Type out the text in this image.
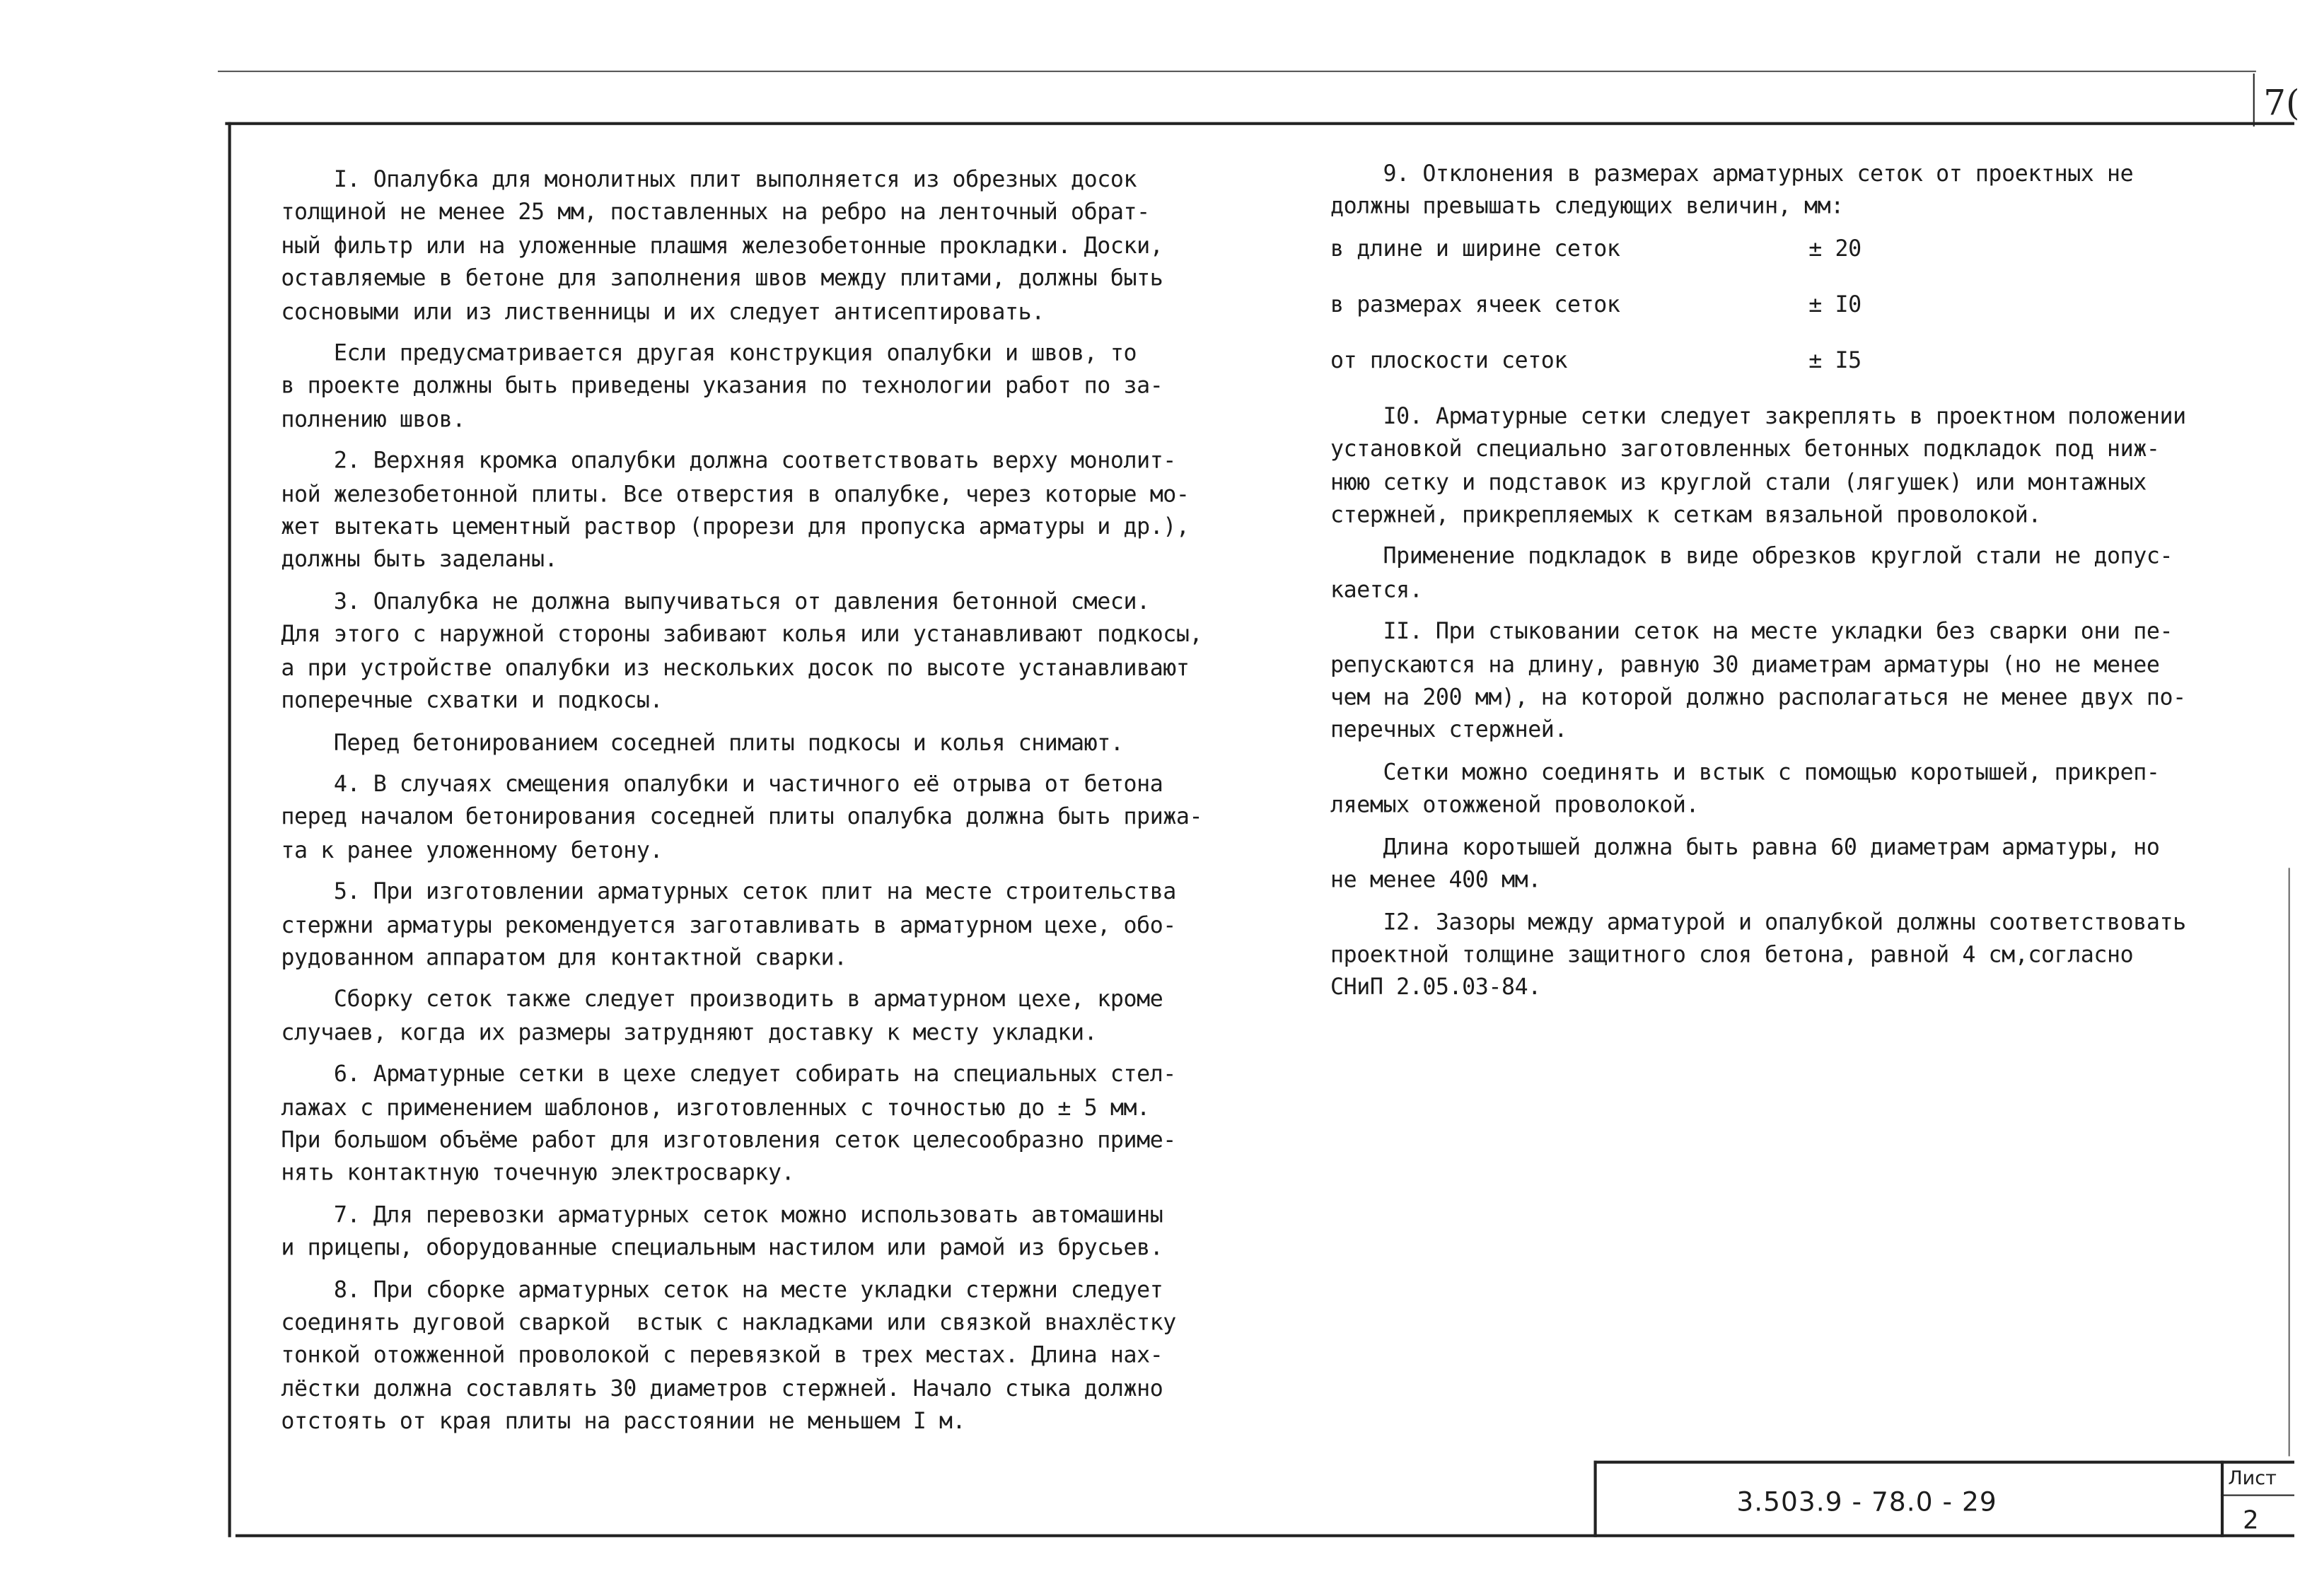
7(

I. Опалубка для монолитных плит выполняется из обрезных досок
толщиной не менее 25 мм, поставленных на ребро на ленточный обрат-
ный фильтр или на уложенные плашмя железобетонные прокладки. Доски,
оставляемые в бетоне для заполнения швов между плитами, должны быть
сосновыми или из лиственницы и их следует антисептировать.

Если предусматривается другая конструкция опалубки и швов, то
в проекте должны быть приведены указания по технологии работ по за-
полнению швов.

2. Верхняя кромка опалубки должна соответствовать верху монолит-
ной железобетонной плиты. Все отверстия в опалубке, через которые мо-
жет вытекать цементный раствор (прорези для пропуска арматуры и др.),
должны быть заделаны.

3. Опалубка не должна выпучиваться от давления бетонной смеси.
Для этого с наружной стороны забивают колья или устанавливают подкосы,
а при устройстве опалубки из нескольких досок по высоте устанавливают
поперечные схватки и подкосы.

Перед бетонированием соседней плиты подкосы и колья снимают.

4. В случаях смещения опалубки и частичного её отрыва от бетона
перед началом бетонирования соседней плиты опалубка должна быть прижа-
та к ранее уложенному бетону.

5. При изготовлении арматурных сеток плит на месте строительства
стержни арматуры рекомендуется заготавливать в арматурном цехе, обо-
рудованном аппаратом для контактной сварки.

Сборку сеток также следует производить в арматурном цехе, кроме
случаев, когда их размеры затрудняют доставку к месту укладки.

6. Арматурные сетки в цехе следует собирать на специальных стел-
лажах с применением шаблонов, изготовленных с точностью до ± 5 мм.
При большом объёме работ для изготовления сеток целесообразно приме-
нять контактную точечную электросварку.

7. Для перевозки арматурных сеток можно использовать автомашины
и прицепы, оборудованные специальным настилом или рамой из брусьев.

8. При сборке арматурных сеток на месте укладки стержни следует
соединять дуговой сваркой  встык с накладками или связкой внахлёстку
тонкой отожженной проволокой с перевязкой в трех местах. Длина нах-
лёстки должна составлять 30 диаметров стержней. Начало стыка должно
отстоять от края плиты на расстоянии не меньшем I м.

9. Отклонения в размерах арматурных сеток от проектных не
должны превышать следующих величин, мм:

в длине и ширине сеток	± 20
в размерах ячеек сеток	± I0
от плоскости сеток	± I5

I0. Арматурные сетки следует закреплять в проектном положении
установкой специально заготовленных бетонных подкладок под ниж-
нюю сетку и подставок из круглой стали (лягушек) или монтажных
стержней, прикрепляемых к сеткам вязальной проволокой.

Применение подкладок в виде обрезков круглой стали не допус-
кается.

II. При стыковании сеток на месте укладки без сварки они пе-
репускаются на длину, равную 30 диаметрам арматуры (но не менее
чем на 200 мм), на которой должно располагаться не менее двух по-
перечных стержней.

Сетки можно соединять и встык с помощью коротышей, прикреп-
ляемых отожженой проволокой.

Длина коротышей должна быть равна 60 диаметрам арматуры, но
не менее 400 мм.

I2. Зазоры между арматурой и опалубкой должны соответствовать
проектной толщине защитного слоя бетона, равной 4 см,согласно
СНиП 2.05.03-84.

3.503.9 - 78.0 - 29
Лист
2
